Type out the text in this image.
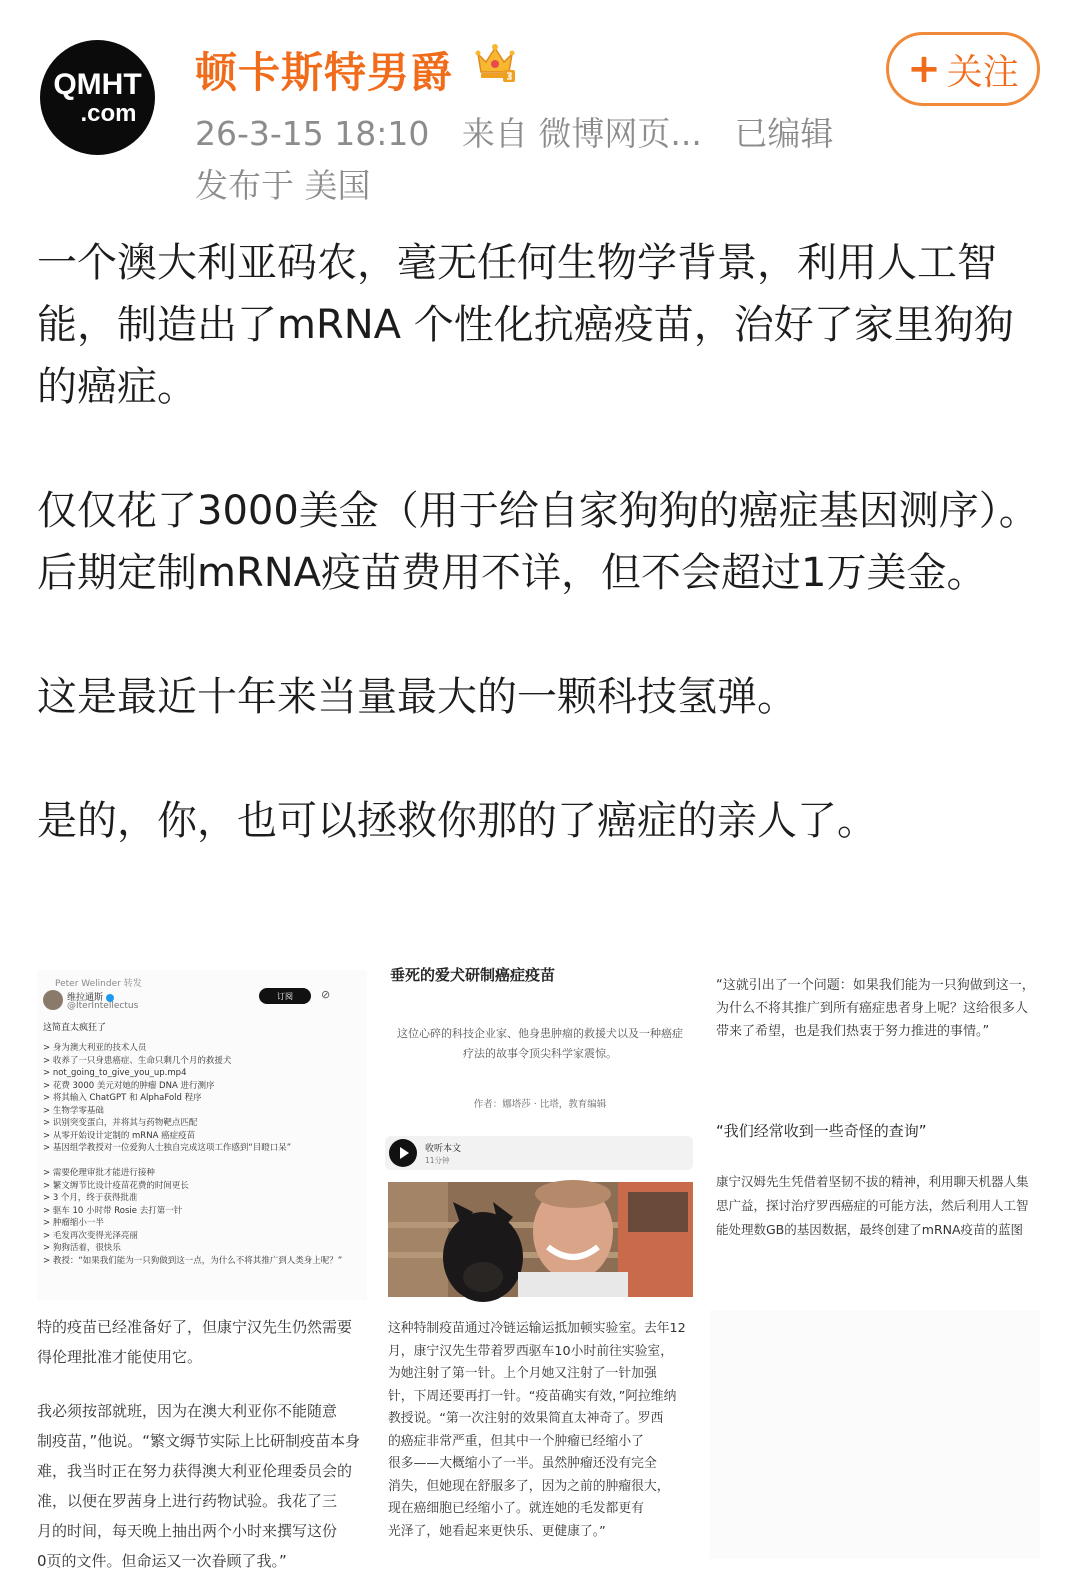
QMHT
.com
顿卡斯特男爵
26-3-15 18:10 来自 微博网页... 已编辑
发布于 美国
+ 关注

一个澳大利亚码农，毫无任何生物学背景，利用人工智能，制造出了mRNA 个性化抗癌疫苗，治好了家里狗狗的癌症。

仅仅花了3000美金（用于给自家狗狗的癌症基因测序）。

后期定制mRNA疫苗费用不详，但不会超过1万美金。

这是最近十年来当量最大的一颗科技氢弹。

是的，你，也可以拯救你那的了癌症的亲人了。

Peter Welinder 转发
维拉通斯
@IterIntellectus
订阅	⊘
这简直太疯狂了
> 身为澳大利亚的技术人员
> 收养了一只身患癌症、生命只剩几个月的救援犬
> not_going_to_give_you_up.mp4
> 花费 3000 美元对她的肿瘤 DNA 进行测序
> 将其输入 ChatGPT 和 AlphaFold 程序
> 生物学零基础
> 识别突变蛋白，并将其与药物靶点匹配
> 从零开始设计定制的 mRNA 癌症疫苗
> 基因组学教授对一位爱狗人士独自完成这项工作感到“目瞪口呆”

> 需要伦理审批才能进行接种
> 繁文缛节比设计疫苗花费的时间更长
> 3 个月，终于获得批准
> 驱车 10 小时带 Rosie 去打第一针
> 肿瘤缩小一半
> 毛发再次变得光泽亮丽
> 狗狗活着，很快乐
> 教授：“如果我们能为一只狗做到这一点，为什么不将其推广到人类身上呢？”
垂死的爱犬研制癌症疫苗
这位心碎的科技企业家、他身患肿瘤的救援犬以及一种癌症疗法的故事令顶尖科学家震惊。
作者：娜塔莎 · 比塔，教育编辑
收听本文
11分钟
“这就引出了一个问题：如果我们能为一只狗做到这一，为什么不将其推广到所有癌症患者身上呢？这给很多人带来了希望，也是我们热衷于努力推进的事情。”
“我们经常收到一些奇怪的查询”
康宁汉姆先生凭借着坚韧不拔的精神，利用聊天机器人集思广益，探讨治疗罗西癌症的可能方法，然后利用人工智能处理数GB的基因数据，最终创建了mRNA疫苗的蓝图
特的疫苗已经准备好了，但康宁汉先生仍然需要
得伦理批准才能使用它。
我必须按部就班，因为在澳大利亚你不能随意
制疫苗，”他说。“繁文缛节实际上比研制疫苗本身
难，我当时正在努力获得澳大利亚伦理委员会的
准，以便在罗茜身上进行药物试验。我花了三
月的时间，每天晚上抽出两个小时来撰写这份
0页的文件。但命运又一次眷顾了我。”
这种特制疫苗通过冷链运输运抵加顿实验室。去年12
月，康宁汉先生带着罗西驱车10小时前往实验室，
为她注射了第一针。上个月她又注射了一针加强
针，下周还要再打一针。“疫苗确实有效，”阿拉维纳
教授说。“第一次注射的效果简直太神奇了。罗西
的癌症非常严重，但其中一个肿瘤已经缩小了
很多——大概缩小了一半。虽然肿瘤还没有完全
消失，但她现在舒服多了，因为之前的肿瘤很大，
现在癌细胞已经缩小了。就连她的毛发都更有
光泽了，她看起来更快乐、更健康了。”
